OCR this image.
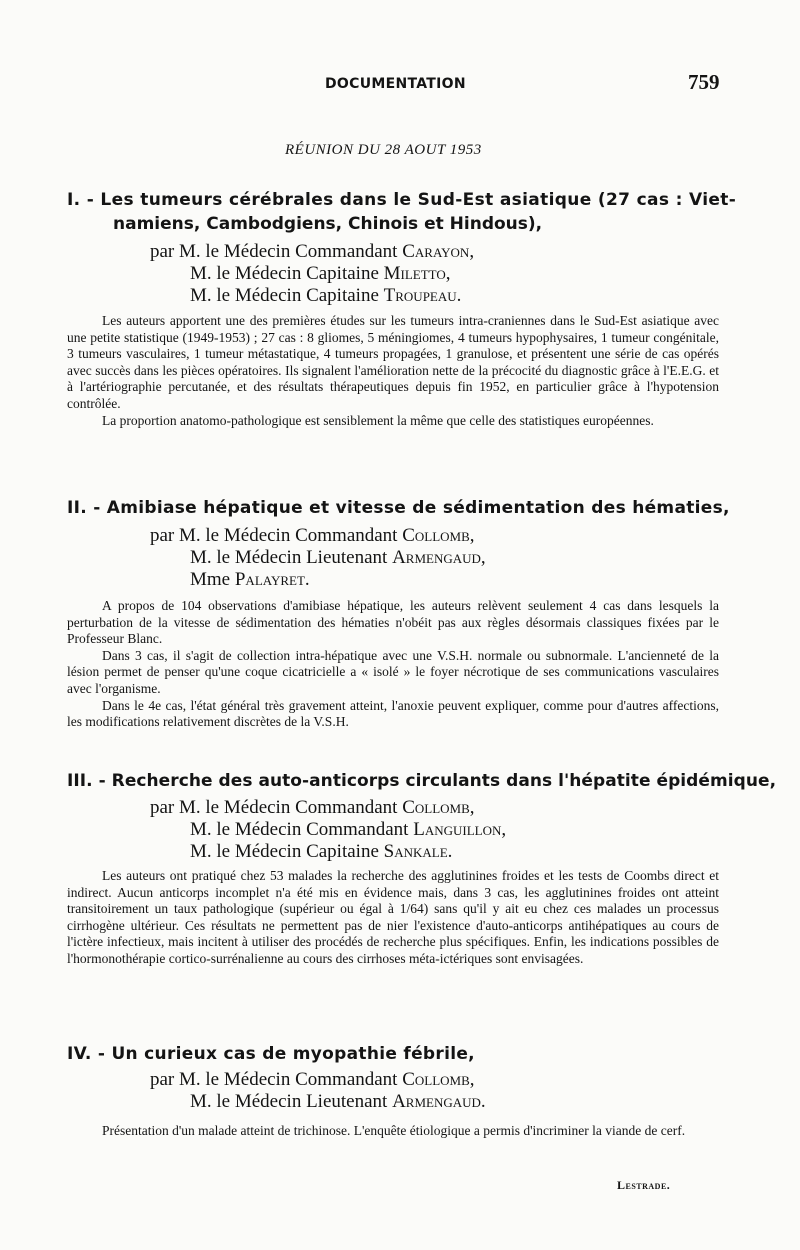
DOCUMENTATION	759
RÉUNION DU 28 AOUT 1953
I. - Les tumeurs cérébrales dans le Sud-Est asiatique (27 cas : Viet-
namiens, Cambodgiens, Chinois et Hindous),
par M. le Médecin Commandant Carayon,
M. le Médecin Capitaine Miletto,
M. le Médecin Capitaine Troupeau.
Les auteurs apportent une des premières études sur les tumeurs intra-craniennes dans le Sud-Est asiatique avec une petite statistique (1949-1953) ; 27 cas : 8 gliomes, 5 méningiomes, 4 tumeurs hypophysaires, 1 tumeur congénitale, 3 tumeurs vasculaires, 1 tumeur métastatique, 4 tumeurs propagées, 1 granulose, et présentent une série de cas opérés avec succès dans les pièces opératoires. Ils signalent l'amélioration nette de la précocité du diagnostic grâce à l'E.E.G. et à l'artériographie percutanée, et des résultats thérapeutiques depuis fin 1952, en particulier grâce à l'hypotension contrôlée.
La proportion anatomo-pathologique est sensiblement la même que celle des statistiques européennes.
II. - Amibiase hépatique et vitesse de sédimentation des hématies,
par M. le Médecin Commandant Collomb,
M. le Médecin Lieutenant Armengaud,
Mme Palayret.
A propos de 104 observations d'amibiase hépatique, les auteurs relèvent seulement 4 cas dans lesquels la perturbation de la vitesse de sédimentation des hématies n'obéit pas aux règles désormais classiques fixées par le Professeur Blanc.
Dans 3 cas, il s'agit de collection intra-hépatique avec une V.S.H. normale ou subnormale. L'ancienneté de la lésion permet de penser qu'une coque cicatricielle a « isolé » le foyer nécrotique de ses communications vasculaires avec l'organisme.
Dans le 4e cas, l'état général très gravement atteint, l'anoxie peuvent expliquer, comme pour d'autres affections, les modifications relativement discrètes de la V.S.H.
III. - Recherche des auto-anticorps circulants dans l'hépatite épidémique,
par M. le Médecin Commandant Collomb,
M. le Médecin Commandant Languillon,
M. le Médecin Capitaine Sankale.
Les auteurs ont pratiqué chez 53 malades la recherche des agglutinines froides et les tests de Coombs direct et indirect. Aucun anticorps incomplet n'a été mis en évidence mais, dans 3 cas, les agglutinines froides ont atteint transitoirement un taux pathologique (supérieur ou égal à 1/64) sans qu'il y ait eu chez ces malades un processus cirrhogène ultérieur. Ces résultats ne permettent pas de nier l'existence d'auto-anticorps antihépatiques au cours de l'ictère infectieux, mais incitent à utiliser des procédés de recherche plus spécifiques. Enfin, les indications possibles de l'hormonothérapie cortico-surrénalienne au cours des cirrhoses méta-ictériques sont envisagées.
IV. - Un curieux cas de myopathie fébrile,
par M. le Médecin Commandant Collomb,
M. le Médecin Lieutenant Armengaud.
Présentation d'un malade atteint de trichinose. L'enquête étiologique a permis d'incriminer la viande de cerf.
Lestrade.
